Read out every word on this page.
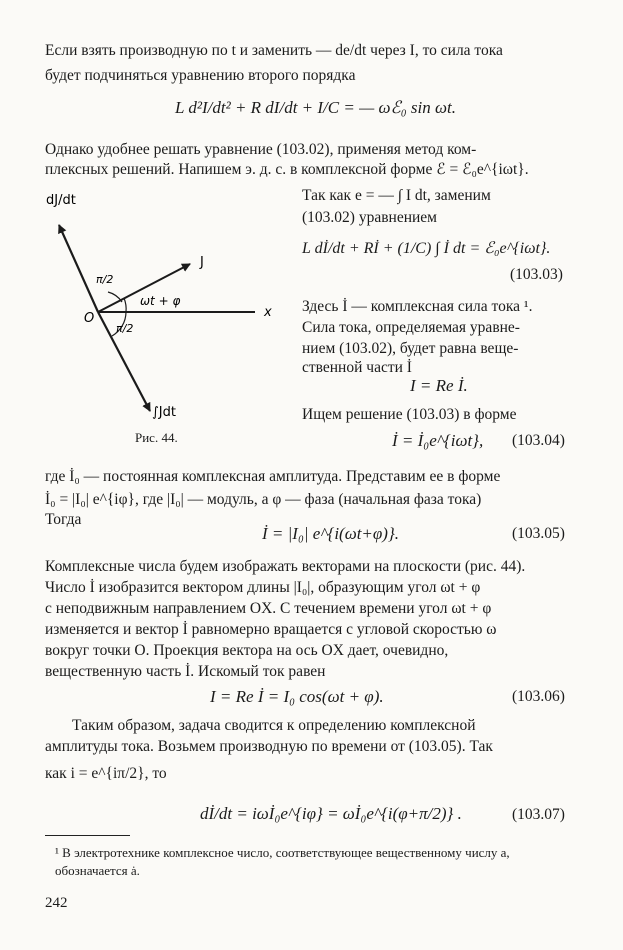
Если взять производную по t и заменить — de/dt через I, то сила тока
будет подчиняться уравнению второго порядка
L d²I/dt² + R dI/dt + I/C = — ωℰ₀ sin ωt.
Однако удобнее решать уравнение (103.02), применяя метод ком-
плексных решений. Напишем э. д. с. в комплексной форме ℰ = ℰ₀e^{iωt}.
dJ/dt
J
∫Jdt
x
O
π/2
π/2
ωt + φ
Рис. 44.
Так как e = — ∫ I dt, заменим
(103.02) уравнением
L dİ/dt + Rİ + (1/C) ∫ İ dt = ℰ₀e^{iωt}.
(103.03)
Здесь İ — комплексная сила тока ¹.
Сила тока, определяемая уравне-
нием (103.02), будет равна веще-
ственной части İ
I = Re İ.
Ищем решение (103.03) в форме
İ = İ₀e^{iωt}, (103.04)
где İ₀ — постоянная комплексная амплитуда. Представим ее в форме
İ₀ = |I₀| e^{iφ}, где |I₀| — модуль, а φ — фаза (начальная фаза тока)
Тогда
İ = |I₀| e^{i(ωt+φ)}.	(103.05)
Комплексные числа будем изображать векторами на плоскости (рис. 44).
Число İ изобразится вектором длины |I₀|, образующим угол ωt + φ
с неподвижным направлением OX. С течением времени угол ωt + φ
изменяется и вектор İ равномерно вращается с угловой скоростью ω
вокруг точки O. Проекция вектора на ось OX дает, очевидно,
вещественную часть İ. Искомый ток равен
I = Re İ = I₀ cos(ωt + φ).	(103.06)
Таким образом, задача сводится к определению комплексной
амплитуды тока. Возьмем производную по времени от (103.05). Так
как i = e^{iπ/2}, то
dİ/dt = iωİ₀e^{iφ} = ωİ₀e^{i(φ+π/2)} .	(103.07)
¹ В электротехнике комплексное число, соответствующее вещественному числу a, обозначается ȧ.
242
